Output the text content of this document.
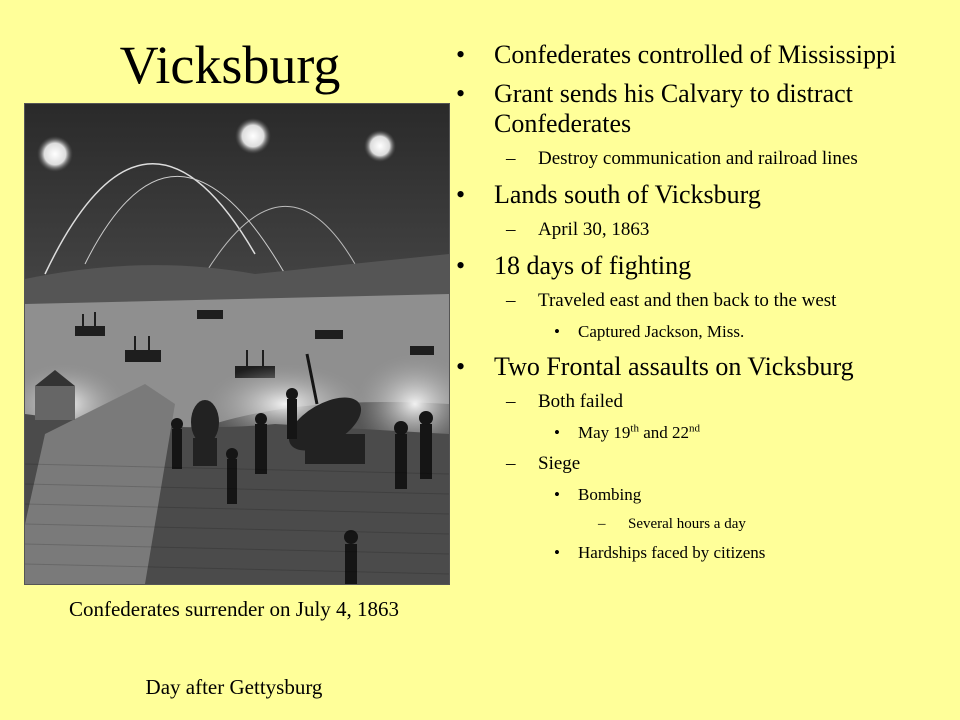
Vicksburg
Confederates surrender on July 4, 1863
Day after Gettysburg
• Confederates controlled of Mississippi
• Grant sends his Calvary to distract Confederates
– Destroy communication and railroad lines
• Lands south of Vicksburg
– April 30, 1863
• 18 days of fighting
– Traveled east and then back to the west
• Captured Jackson, Miss.
• Two Frontal assaults on Vicksburg
– Both failed
• May 19th and 22nd
– Siege
• Bombing
– Several hours a day
• Hardships faced by citizens
